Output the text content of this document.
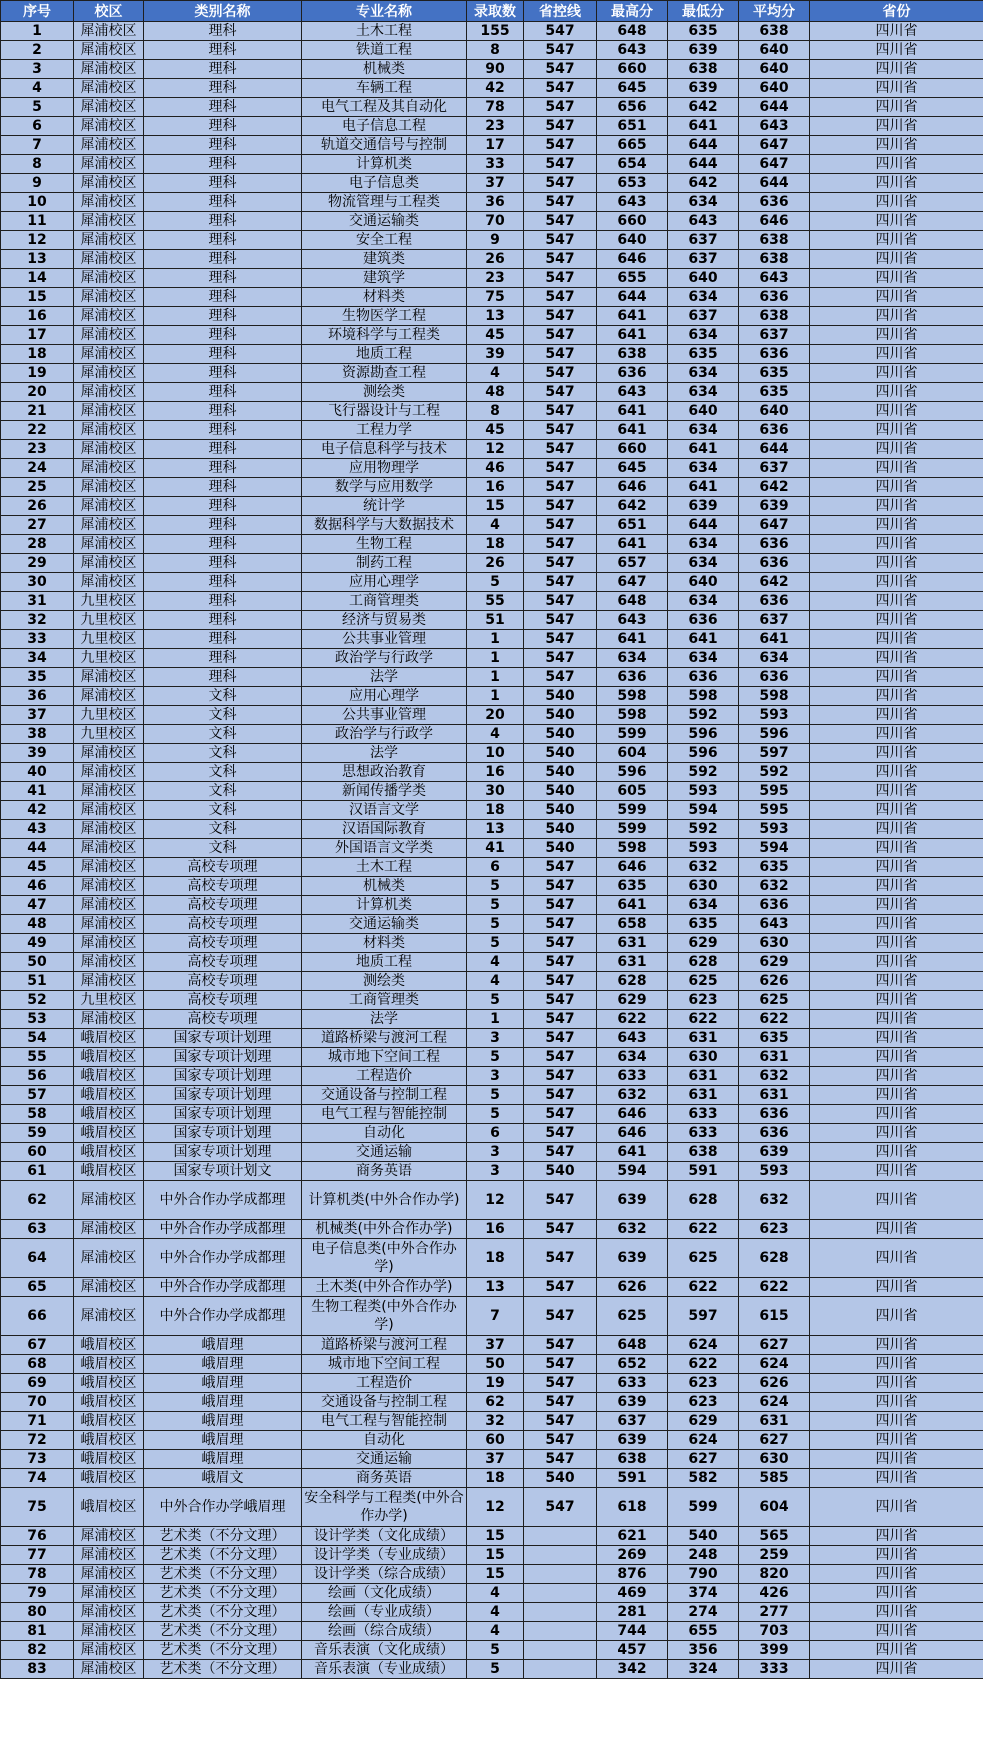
序号	校区	类别名称	专业名称	录取数	省控线	最高分	最低分	平均分	省份
1	犀浦校区	理科	土木工程	155	547	648	635	638	四川省
2	犀浦校区	理科	铁道工程	8	547	643	639	640	四川省
3	犀浦校区	理科	机械类	90	547	660	638	640	四川省
4	犀浦校区	理科	车辆工程	42	547	645	639	640	四川省
5	犀浦校区	理科	电气工程及其自动化	78	547	656	642	644	四川省
6	犀浦校区	理科	电子信息工程	23	547	651	641	643	四川省
7	犀浦校区	理科	轨道交通信号与控制	17	547	665	644	647	四川省
8	犀浦校区	理科	计算机类	33	547	654	644	647	四川省
9	犀浦校区	理科	电子信息类	37	547	653	642	644	四川省
10	犀浦校区	理科	物流管理与工程类	36	547	643	634	636	四川省
11	犀浦校区	理科	交通运输类	70	547	660	643	646	四川省
12	犀浦校区	理科	安全工程	9	547	640	637	638	四川省
13	犀浦校区	理科	建筑类	26	547	646	637	638	四川省
14	犀浦校区	理科	建筑学	23	547	655	640	643	四川省
15	犀浦校区	理科	材料类	75	547	644	634	636	四川省
16	犀浦校区	理科	生物医学工程	13	547	641	637	638	四川省
17	犀浦校区	理科	环境科学与工程类	45	547	641	634	637	四川省
18	犀浦校区	理科	地质工程	39	547	638	635	636	四川省
19	犀浦校区	理科	资源勘查工程	4	547	636	634	635	四川省
20	犀浦校区	理科	测绘类	48	547	643	634	635	四川省
21	犀浦校区	理科	飞行器设计与工程	8	547	641	640	640	四川省
22	犀浦校区	理科	工程力学	45	547	641	634	636	四川省
23	犀浦校区	理科	电子信息科学与技术	12	547	660	641	644	四川省
24	犀浦校区	理科	应用物理学	46	547	645	634	637	四川省
25	犀浦校区	理科	数学与应用数学	16	547	646	641	642	四川省
26	犀浦校区	理科	统计学	15	547	642	639	639	四川省
27	犀浦校区	理科	数据科学与大数据技术	4	547	651	644	647	四川省
28	犀浦校区	理科	生物工程	18	547	641	634	636	四川省
29	犀浦校区	理科	制药工程	26	547	657	634	636	四川省
30	犀浦校区	理科	应用心理学	5	547	647	640	642	四川省
31	九里校区	理科	工商管理类	55	547	648	634	636	四川省
32	九里校区	理科	经济与贸易类	51	547	643	636	637	四川省
33	九里校区	理科	公共事业管理	1	547	641	641	641	四川省
34	九里校区	理科	政治学与行政学	1	547	634	634	634	四川省
35	犀浦校区	理科	法学	1	547	636	636	636	四川省
36	犀浦校区	文科	应用心理学	1	540	598	598	598	四川省
37	九里校区	文科	公共事业管理	20	540	598	592	593	四川省
38	九里校区	文科	政治学与行政学	4	540	599	596	596	四川省
39	犀浦校区	文科	法学	10	540	604	596	597	四川省
40	犀浦校区	文科	思想政治教育	16	540	596	592	592	四川省
41	犀浦校区	文科	新闻传播学类	30	540	605	593	595	四川省
42	犀浦校区	文科	汉语言文学	18	540	599	594	595	四川省
43	犀浦校区	文科	汉语国际教育	13	540	599	592	593	四川省
44	犀浦校区	文科	外国语言文学类	41	540	598	593	594	四川省
45	犀浦校区	高校专项理	土木工程	6	547	646	632	635	四川省
46	犀浦校区	高校专项理	机械类	5	547	635	630	632	四川省
47	犀浦校区	高校专项理	计算机类	5	547	641	634	636	四川省
48	犀浦校区	高校专项理	交通运输类	5	547	658	635	643	四川省
49	犀浦校区	高校专项理	材料类	5	547	631	629	630	四川省
50	犀浦校区	高校专项理	地质工程	4	547	631	628	629	四川省
51	犀浦校区	高校专项理	测绘类	4	547	628	625	626	四川省
52	九里校区	高校专项理	工商管理类	5	547	629	623	625	四川省
53	犀浦校区	高校专项理	法学	1	547	622	622	622	四川省
54	峨眉校区	国家专项计划理	道路桥梁与渡河工程	3	547	643	631	635	四川省
55	峨眉校区	国家专项计划理	城市地下空间工程	5	547	634	630	631	四川省
56	峨眉校区	国家专项计划理	工程造价	3	547	633	631	632	四川省
57	峨眉校区	国家专项计划理	交通设备与控制工程	5	547	632	631	631	四川省
58	峨眉校区	国家专项计划理	电气工程与智能控制	5	547	646	633	636	四川省
59	峨眉校区	国家专项计划理	自动化	6	547	646	633	636	四川省
60	峨眉校区	国家专项计划理	交通运输	3	547	641	638	639	四川省
61	峨眉校区	国家专项计划文	商务英语	3	540	594	591	593	四川省
62	犀浦校区	中外合作办学成都理	计算机类(中外合作办学)	12	547	639	628	632	四川省
63	犀浦校区	中外合作办学成都理	机械类(中外合作办学)	16	547	632	622	623	四川省
64	犀浦校区	中外合作办学成都理	电子信息类(中外合作办学)	18	547	639	625	628	四川省
65	犀浦校区	中外合作办学成都理	土木类(中外合作办学)	13	547	626	622	622	四川省
66	犀浦校区	中外合作办学成都理	生物工程类(中外合作办学)	7	547	625	597	615	四川省
67	峨眉校区	峨眉理	道路桥梁与渡河工程	37	547	648	624	627	四川省
68	峨眉校区	峨眉理	城市地下空间工程	50	547	652	622	624	四川省
69	峨眉校区	峨眉理	工程造价	19	547	633	623	626	四川省
70	峨眉校区	峨眉理	交通设备与控制工程	62	547	639	623	624	四川省
71	峨眉校区	峨眉理	电气工程与智能控制	32	547	637	629	631	四川省
72	峨眉校区	峨眉理	自动化	60	547	639	624	627	四川省
73	峨眉校区	峨眉理	交通运输	37	547	638	627	630	四川省
74	峨眉校区	峨眉文	商务英语	18	540	591	582	585	四川省
75	峨眉校区	中外合作办学峨眉理	安全科学与工程类(中外合作办学)	12	547	618	599	604	四川省
76	犀浦校区	艺术类（不分文理）	设计学类（文化成绩）	15		621	540	565	四川省
77	犀浦校区	艺术类（不分文理）	设计学类（专业成绩）	15		269	248	259	四川省
78	犀浦校区	艺术类（不分文理）	设计学类（综合成绩）	15		876	790	820	四川省
79	犀浦校区	艺术类（不分文理）	绘画（文化成绩）	4		469	374	426	四川省
80	犀浦校区	艺术类（不分文理）	绘画（专业成绩）	4		281	274	277	四川省
81	犀浦校区	艺术类（不分文理）	绘画（综合成绩）	4		744	655	703	四川省
82	犀浦校区	艺术类（不分文理）	音乐表演（文化成绩）	5		457	356	399	四川省
83	犀浦校区	艺术类（不分文理）	音乐表演（专业成绩）	5		342	324	333	四川省
